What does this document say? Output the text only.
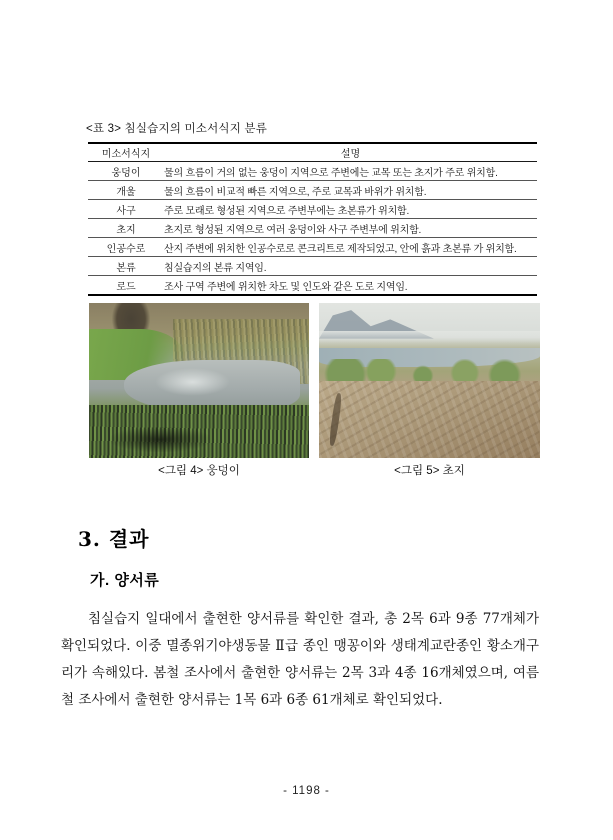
<표 3> 침실습지의 미소서식지 분류
미소서식지	설명
웅덩이	물의 흐름이 거의 없는 웅덩이 지역으로 주변에는 교목 또는 초지가 주로 위치함.
개울	물의 흐름이 비교적 빠른 지역으로, 주로 교목과 바위가 위치함.
사구	주로 모래로 형성된 지역으로 주변부에는 초본류가 위치함.
초지	초지로 형성된 지역으로 여러 웅덩이와 사구 주변부에 위치함.
인공수로	산지 주변에 위치한 인공수로로 콘크리트로 제작되었고, 안에 흙과 초본류 가 위치함.
본류	침실습지의 본류 지역임.
로드	조사 구역 주변에 위치한 차도 및 인도와 같은 도로 지역임.
<그림 4> 웅덩이	<그림 5> 초지
3. 결과
가. 양서류
침실습지 일대에서 출현한 양서류를 확인한 결과, 총 2목 6과 9종 77개체가 확인되었다. 이중 멸종위기야생동물 Ⅱ급 종인 맹꽁이와 생태계교란종인 황소개구리가 속해있다. 봄철 조사에서 출현한 양서류는 2목 3과 4종 16개체였으며, 여름철 조사에서 출현한 양서류는 1목 6과 6종 61개체로 확인되었다.
- 1198 -
